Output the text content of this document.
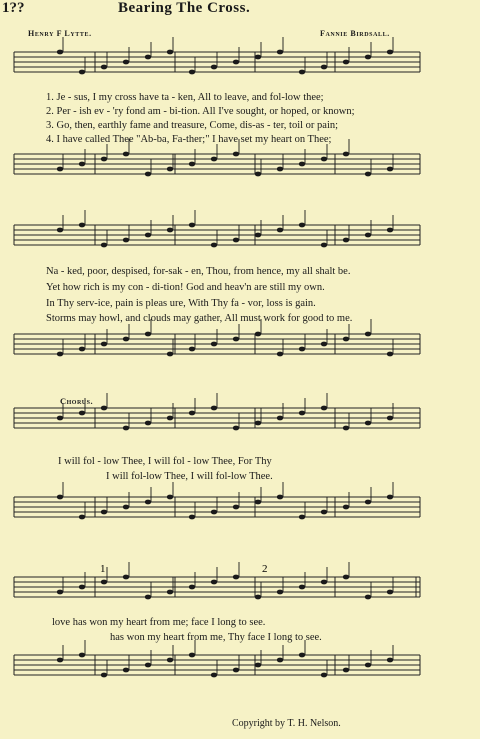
1??	Bearing The Cross.
Henry F Lytte.	Fannie Birdsall.
1	2
1. Je - sus, I my cross have ta - ken, All to leave, and fol-low thee;
2. Per - ish ev - 'ry fond am - bi-tion. All I've sought, or hoped, or known;
3. Go, then, earthly fame and treasure, Come, dis-as - ter, toil or pain;
4. I have called Thee "Ab-ba, Fa-ther;" I have set my heart on Thee;
Na - ked, poor, despised, for-sak - en, Thou, from hence, my all shalt be.
Yet how rich is my con - di-tion! God and heav'n are still my own.
In Thy serv-ice, pain is pleas ure, With Thy fa - vor, loss is gain.
Storms may howl, and clouds may gather, All must work for good to me.
Chorus.
I will fol - low Thee, I will fol - low Thee, For Thy
I will fol-low Thee, I will fol-low Thee.
love has won my heart from me; face I long to see.
has won my heart from me, Thy face I long to see.
Copyright by T. H. Nelson.
